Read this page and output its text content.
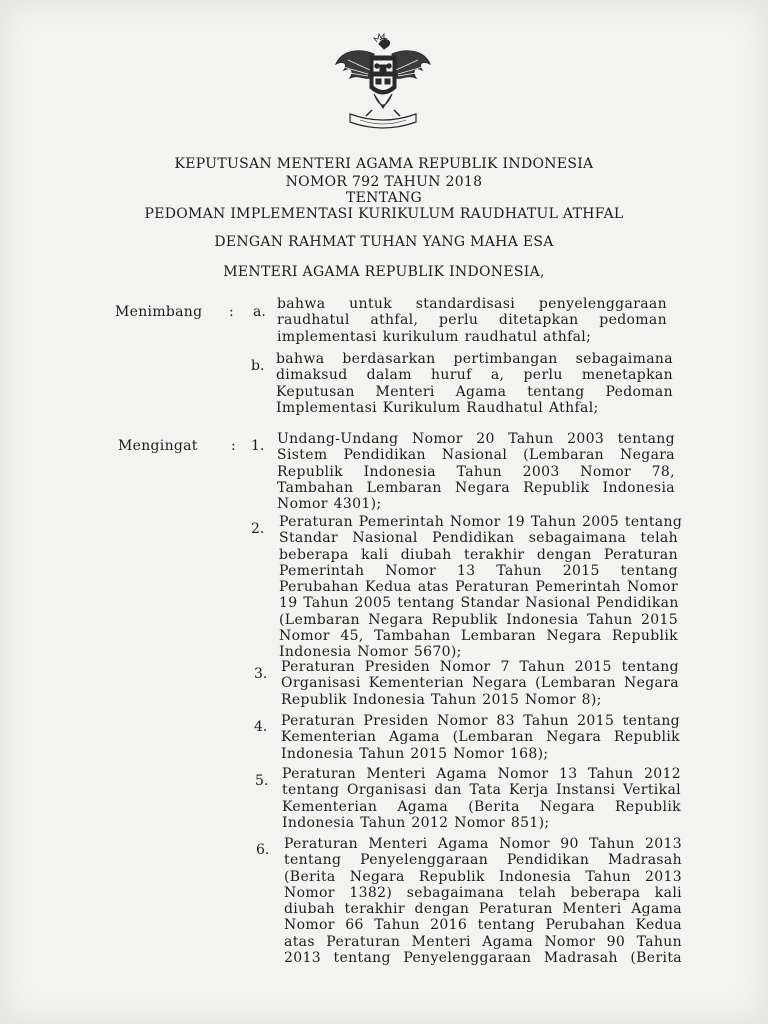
KEPUTUSAN MENTERI AGAMA REPUBLIK INDONESIA
NOMOR 792 TAHUN 2018
TENTANG
PEDOMAN IMPLEMENTASI KURIKULUM RAUDHATUL ATHFAL
DENGAN RAHMAT TUHAN YANG MAHA ESA
MENTERI AGAMA REPUBLIK INDONESIA,
Menimbang : a. bahwa untuk standardisasi penyelenggaraan
raudhatul athfal, perlu ditetapkan pedoman
implementasi kurikulum raudhatul athfal;
b. bahwa berdasarkan pertimbangan sebagaimana
dimaksud dalam huruf a, perlu menetapkan
Keputusan Menteri Agama tentang Pedoman
Implementasi Kurikulum Raudhatul Athfal;
Mengingat : 1. Undang-Undang Nomor 20 Tahun 2003 tentang
Sistem Pendidikan Nasional (Lembaran Negara
Republik Indonesia Tahun 2003 Nomor 78,
Tambahan Lembaran Negara Republik Indonesia
Nomor 4301);
2. Peraturan Pemerintah Nomor 19 Tahun 2005 tentang
Standar Nasional Pendidikan sebagaimana telah
beberapa kali diubah terakhir dengan Peraturan
Pemerintah Nomor 13 Tahun 2015 tentang
Perubahan Kedua atas Peraturan Pemerintah Nomor
19 Tahun 2005 tentang Standar Nasional Pendidikan
(Lembaran Negara Republik Indonesia Tahun 2015
Nomor 45, Tambahan Lembaran Negara Republik
Indonesia Nomor 5670);
3. Peraturan Presiden Nomor 7 Tahun 2015 tentang
Organisasi Kementerian Negara (Lembaran Negara
Republik Indonesia Tahun 2015 Nomor 8);
4. Peraturan Presiden Nomor 83 Tahun 2015 tentang
Kementerian Agama (Lembaran Negara Republik
Indonesia Tahun 2015 Nomor 168);
5. Peraturan Menteri Agama Nomor 13 Tahun 2012
tentang Organisasi dan Tata Kerja Instansi Vertikal
Kementerian Agama (Berita Negara Republik
Indonesia Tahun 2012 Nomor 851);
6. Peraturan Menteri Agama Nomor 90 Tahun 2013
tentang Penyelenggaraan Pendidikan Madrasah
(Berita Negara Republik Indonesia Tahun 2013
Nomor 1382) sebagaimana telah beberapa kali
diubah terakhir dengan Peraturan Menteri Agama
Nomor 66 Tahun 2016 tentang Perubahan Kedua
atas Peraturan Menteri Agama Nomor 90 Tahun
2013 tentang Penyelenggaraan Madrasah (Berita
